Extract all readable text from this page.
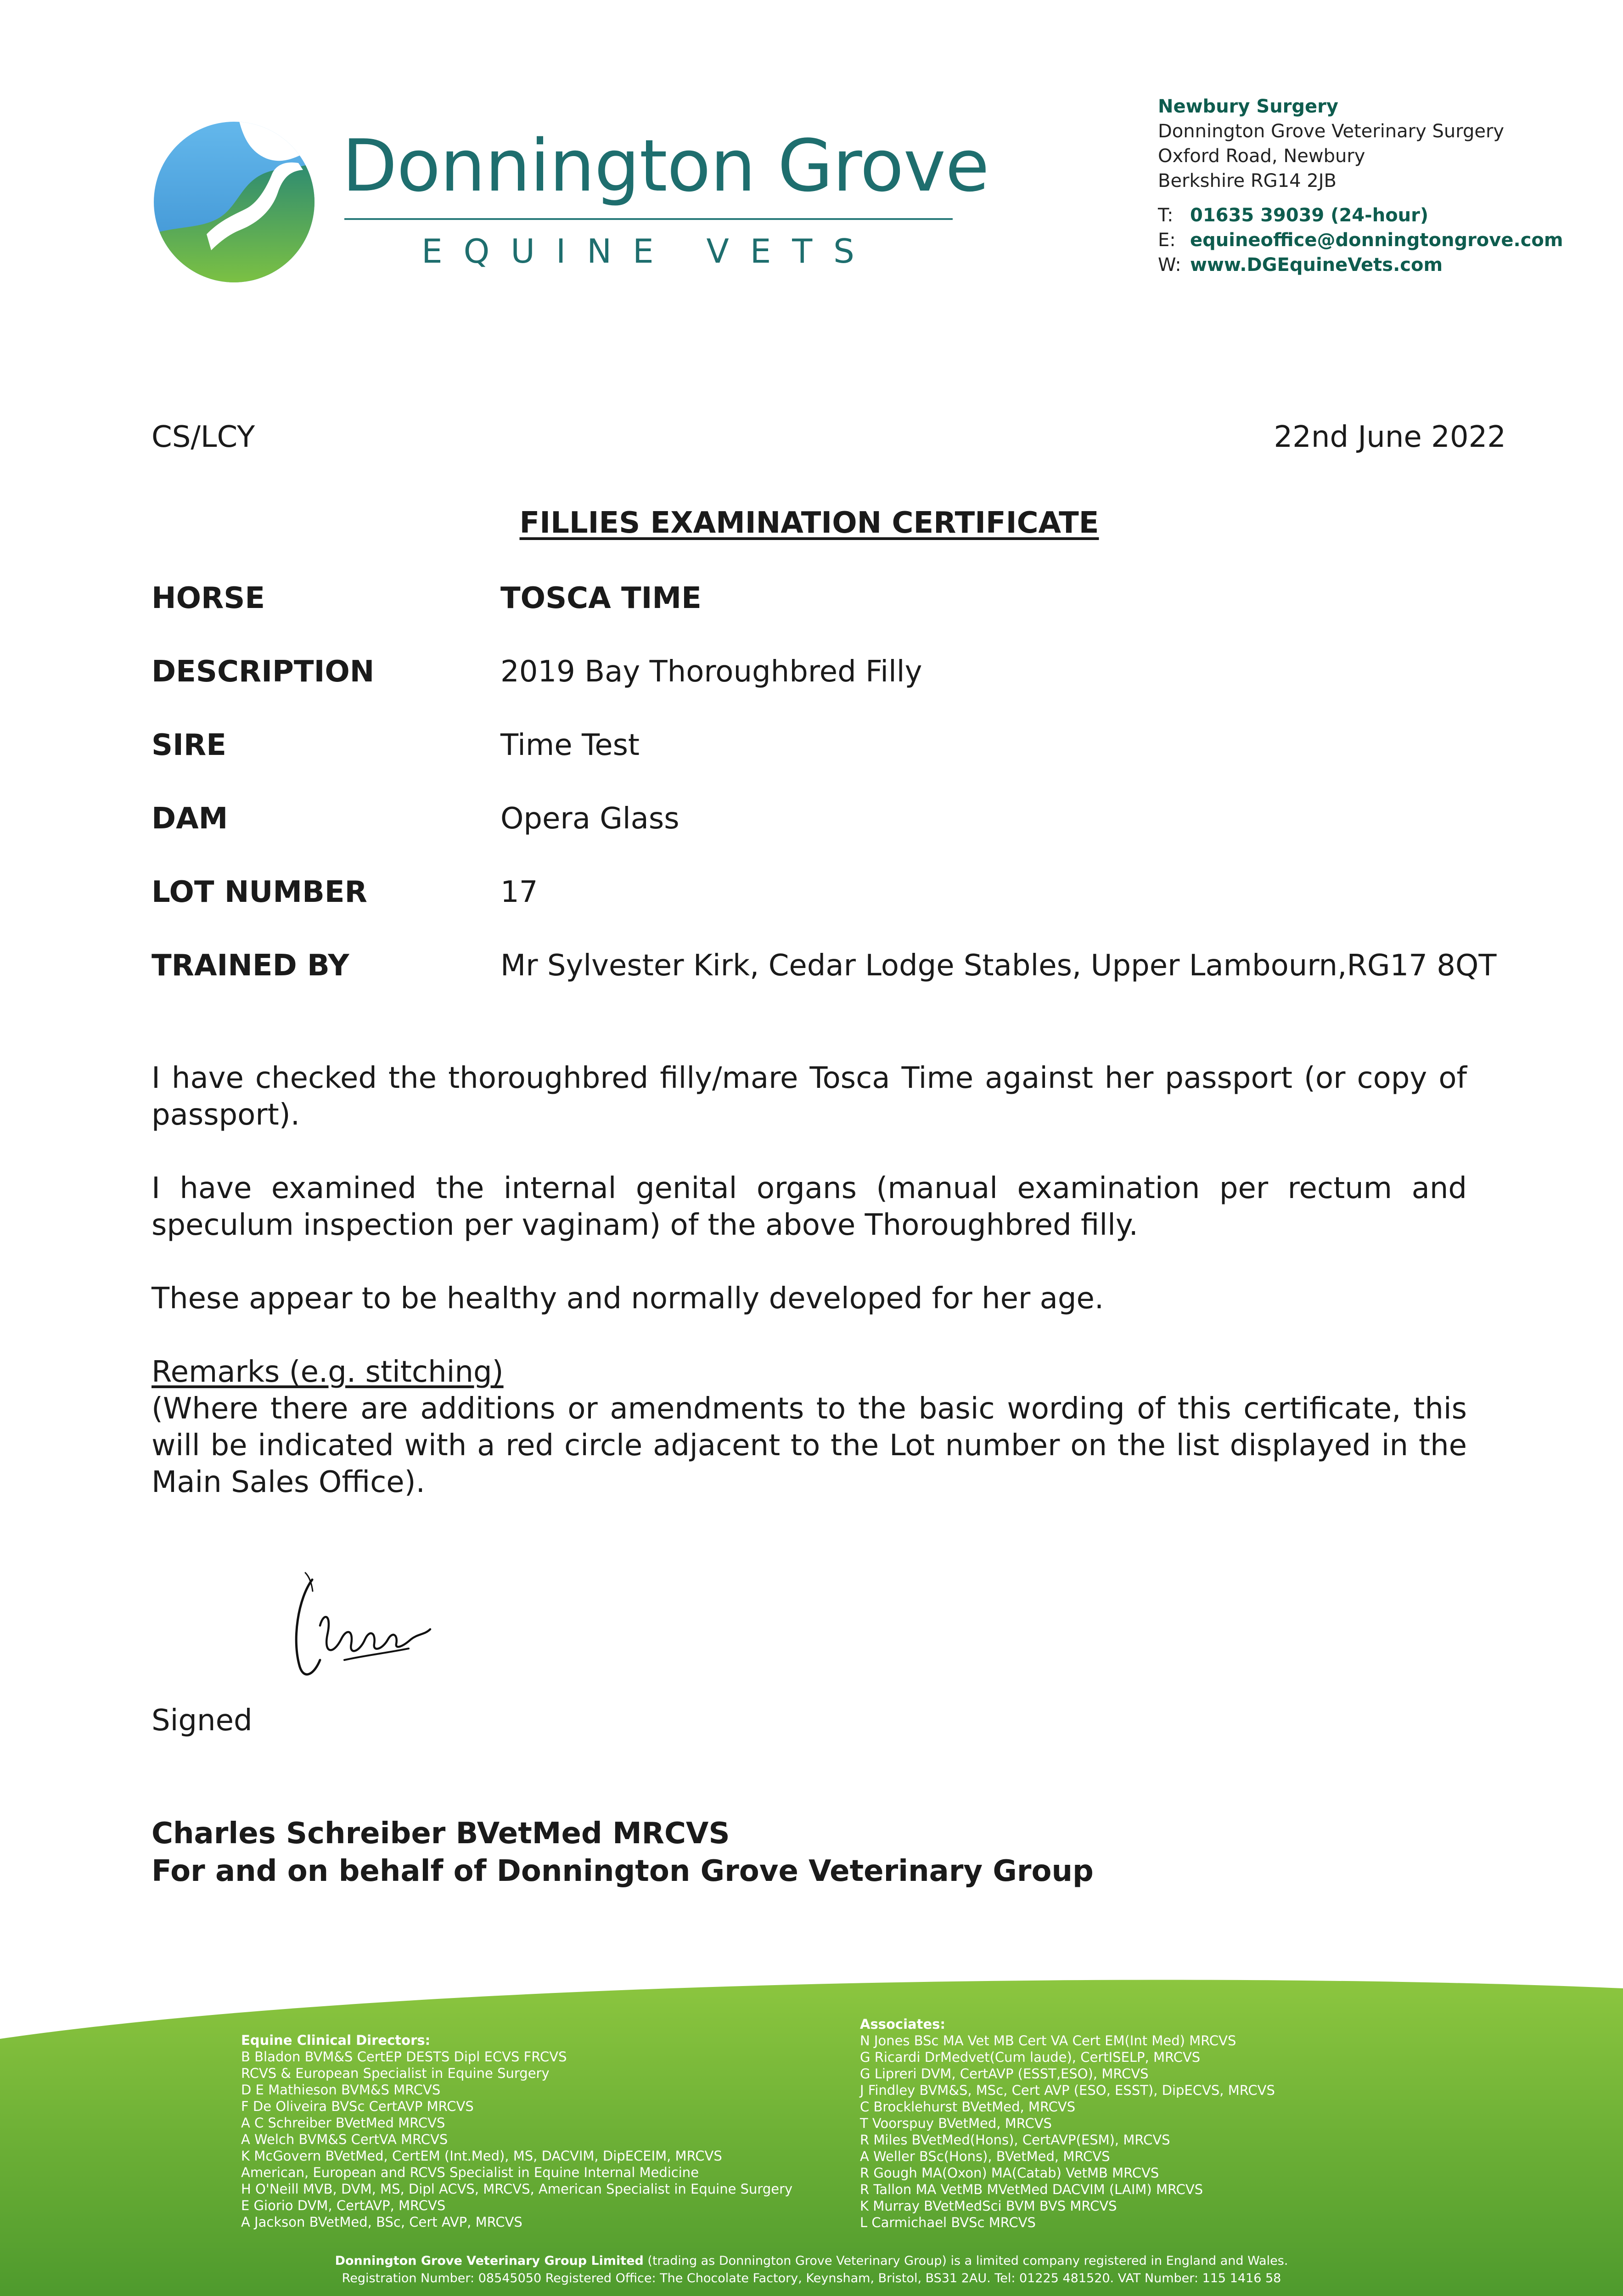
Donnington Grove
EQUINE VETS
Newbury Surgery
Donnington Grove Veterinary Surgery
Oxford Road, Newbury
Berkshire RG14 2JB
T: 01635 39039 (24-hour)
E: equineoffice@donningtongrove.com
W: www.DGEquineVets.com
CS/LCY	22nd June 2022
FILLIES EXAMINATION CERTIFICATE
HORSE	TOSCA TIME
DESCRIPTION	2019 Bay Thoroughbred Filly
SIRE	Time Test
DAM	Opera Glass
LOT NUMBER	17
TRAINED BY	Mr Sylvester Kirk, Cedar Lodge Stables, Upper Lambourn,RG17 8QT
I have checked the thoroughbred filly/mare Tosca Time against her passport (or copy of passport).
I have examined the internal genital organs (manual examination per rectum and speculum inspection per vaginam) of the above Thoroughbred filly.
These appear to be healthy and normally developed for her age.
Remarks (e.g. stitching)
(Where there are additions or amendments to the basic wording of this certificate, this will be indicated with a red circle adjacent to the Lot number on the list displayed in the Main Sales Office).
Signed
Charles Schreiber BVetMed MRCVS
For and on behalf of Donnington Grove Veterinary Group
Equine Clinical Directors:
B Bladon BVM&S CertEP DESTS Dipl ECVS FRCVS
RCVS & European Specialist in Equine Surgery
D E Mathieson BVM&S MRCVS
F De Oliveira BVSc CertAVP MRCVS
A C Schreiber BVetMed MRCVS
A Welch BVM&S CertVA MRCVS
K McGovern BVetMed, CertEM (Int.Med), MS, DACVIM, DipECEIM, MRCVS
American, European and RCVS Specialist in Equine Internal Medicine
H O'Neill MVB, DVM, MS, Dipl ACVS, MRCVS, American Specialist in Equine Surgery
E Giorio DVM, CertAVP, MRCVS
A Jackson BVetMed, BSc, Cert AVP, MRCVS
Associates:
N Jones BSc MA Vet MB Cert VA Cert EM(Int Med) MRCVS
G Ricardi DrMedvet(Cum laude), CertISELP, MRCVS
G Lipreri DVM, CertAVP (ESST,ESO), MRCVS
J Findley BVM&S, MSc, Cert AVP (ESO, ESST), DipECVS, MRCVS
C Brocklehurst BVetMed, MRCVS
T Voorspuy BVetMed, MRCVS
R Miles BVetMed(Hons), CertAVP(ESM), MRCVS
A Weller BSc(Hons), BVetMed, MRCVS
R Gough MA(Oxon) MA(Catab) VetMB MRCVS
R Tallon MA VetMB MVetMed DACVIM (LAIM) MRCVS
K Murray BVetMedSci BVM BVS MRCVS
L Carmichael BVSc MRCVS
Donnington Grove Veterinary Group Limited (trading as Donnington Grove Veterinary Group) is a limited company registered in England and Wales.
Registration Number: 08545050 Registered Office: The Chocolate Factory, Keynsham, Bristol, BS31 2AU. Tel: 01225 481520. VAT Number: 115 1416 58
